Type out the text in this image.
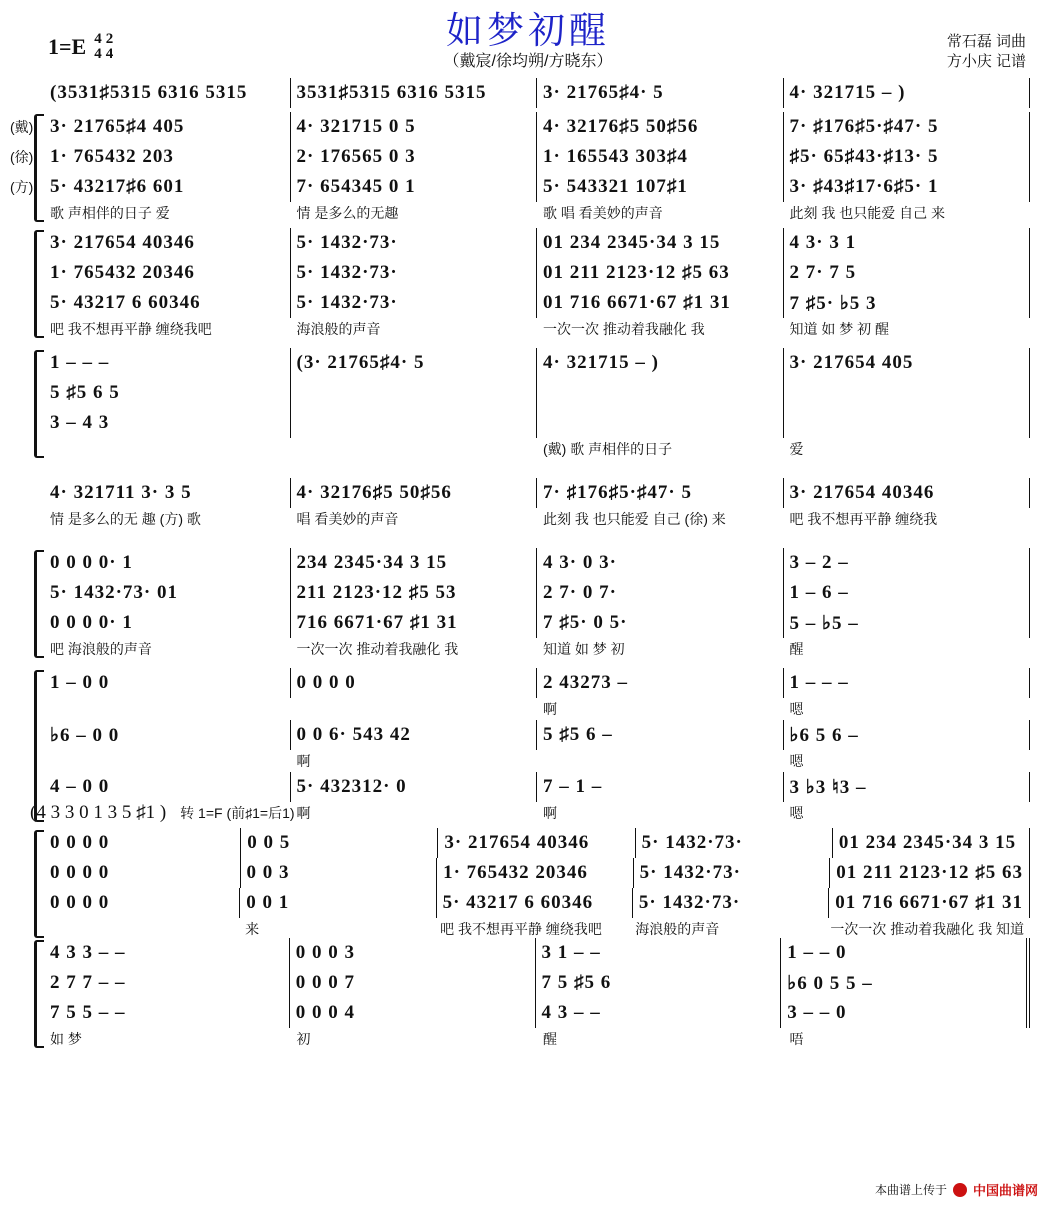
如梦初醒
（戴宸/徐均朔/方晓东）
1=E 4
4
2
4
常石磊 词曲
方小庆 记谱
(3531♯5315 6316 5315	3531♯5315 6316 5315	3· 21765♯4· 5	4· 321715 – )
(戴) 3· 21765♯4 405	4· 321715 0 5	4· 32176♯5 50♯56	7· ♯176♯5·♯47· 5
(徐) 1· 765432 203	2· 176565 0 3	1· 165543 303♯4	♯5· 65♯43·♯13· 5
(方) 5· 43217♯6 601	7· 654345 0 1	5· 543321 107♯1	3· ♯43♯17·6♯5· 1
歌 声相伴的日子 爱	情 是多么的无趣	歌 唱 看美妙的声音	此刻 我 也只能爱 自己 来
3· 217654 40346	5· 1432·73·	01 234 2345·34 3 15	4 3· 3 1
1· 765432 20346	5· 1432·73·	01 211 2123·12 ♯5 63	2 7· 7 5
5· 43217 6 60346	5· 1432·73·	01 716 6671·67 ♯1 31	7 ♯5· ♭5 3
吧 我不想再平静 缠绕我吧	海浪般的声音	一次一次 推动着我融化 我	知道 如 梦 初 醒
1 – – –	(3· 21765♯4· 5	4· 321715 – )	3· 217654 405
5 ♯5 6 5
3 – 4 3
(戴) 歌 声相伴的日子	爱
4· 321711 3· 3 5	4· 32176♯5 50♯56	7· ♯176♯5·♯47· 5	3· 217654 40346
情 是多么的无 趣 (方) 歌	唱 看美妙的声音	此刻 我 也只能爱 自己 (徐) 来	吧 我不想再平静 缠绕我
0 0 0 0· 1	234 2345·34 3 15	4 3· 0 3·	3 – 2 –
5· 1432·73· 01	211 2123·12 ♯5 53	2 7· 0 7·	1 – 6 –
0 0 0 0· 1	716 6671·67 ♯1 31	7 ♯5· 0 5·	5 – ♭5 –
吧 海浪般的声音	一次一次 推动着我融化 我	知道 如 梦 初	醒
1 – 0 0	0 0 0 0	2 43273 –	1 – – –
啊	嗯
♭6 – 0 0	0 0 6· 543 42	5 ♯5 6 –	♭6 5 6 –
啊	嗯
4 – 0 0	5· 432312· 0	7 – 1 –	3 ♭3 ♮3 –
啊	啊	嗯
(4 3 3 0 1 3 5 ♯1 ) 转 1=F (前♯1=后1)
0 0 0 0	0 0 5	3· 217654 40346	5· 1432·73·	01 234 2345·34 3 15
0 0 0 0	0 0 3	1· 765432 20346	5· 1432·73·	01 211 2123·12 ♯5 63
0 0 0 0	0 0 1	5· 43217 6 60346	5· 1432·73·	01 716 6671·67 ♯1 31
来	吧 我不想再平静 缠绕我吧	海浪般的声音	一次一次 推动着我融化 我 知道
4 3 3 – –	0 0 0 3	3 1 – –	1 – – 0
2 7 7 – –	0 0 0 7	7 5 ♯5 6	♭6 0 5 5 –
7 5 5 – –	0 0 0 4	4 3 – –	3 – – 0
如 梦	初	醒	唔
本曲谱上传于 中国曲谱网
